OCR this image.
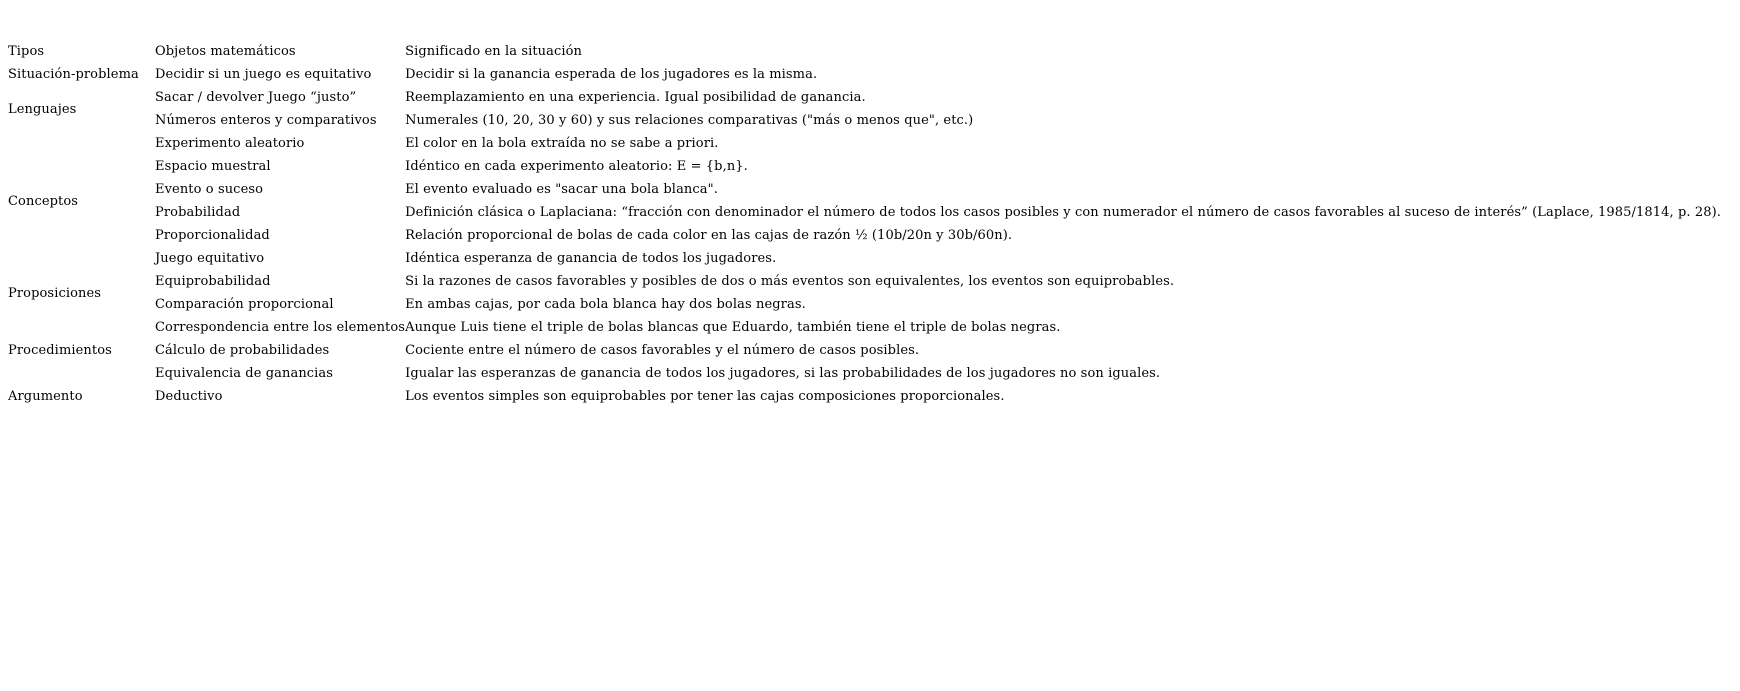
Tipos	Objetos matemáticos	Significado en la situación
Situación-problema	Decidir si un juego es equitativo	Decidir si la ganancia esperada de los jugadores es la misma.
Lenguajes	Sacar / devolver Juego “justo”	Reemplazamiento en una experiencia. Igual posibilidad de ganancia.
	Números enteros y comparativos	Numerales (10, 20, 30 y 60) y sus relaciones comparativas ("más o menos que", etc.)
Conceptos	Experimento aleatorio	El color en la bola extraída no se sabe a priori.
	Espacio muestral	Idéntico en cada experimento aleatorio: E = {b,n}.
	Evento o suceso	El evento evaluado es "sacar una bola blanca".
	Probabilidad	Definición clásica o Laplaciana: “fracción con denominador el número de todos los casos posibles y con numerador el número de casos favorables al suceso de interés” (Laplace, 1985/1814, p. 28).
	Proporcionalidad	Relación proporcional de bolas de cada color en las cajas de razón ½ (10b/20n y 30b/60n).
	Juego equitativo	Idéntica esperanza de ganancia de todos los jugadores.
Proposiciones	Equiprobabilidad	Si la razones de casos favorables y posibles de dos o más eventos son equivalentes, los eventos son equiprobables.
	Comparación proporcional	En ambas cajas, por cada bola blanca hay dos bolas negras.
Procedimientos	Correspondencia entre los elementos	Aunque Luis tiene el triple de bolas blancas que Eduardo, también tiene el triple de bolas negras.
	Cálculo de probabilidades	Cociente entre el número de casos favorables y el número de casos posibles.
	Equivalencia de ganancias	Igualar las esperanzas de ganancia de todos los jugadores, si las probabilidades de los jugadores no son iguales.
Argumento	Deductivo	Los eventos simples son equiprobables por tener las cajas composiciones proporcionales.
